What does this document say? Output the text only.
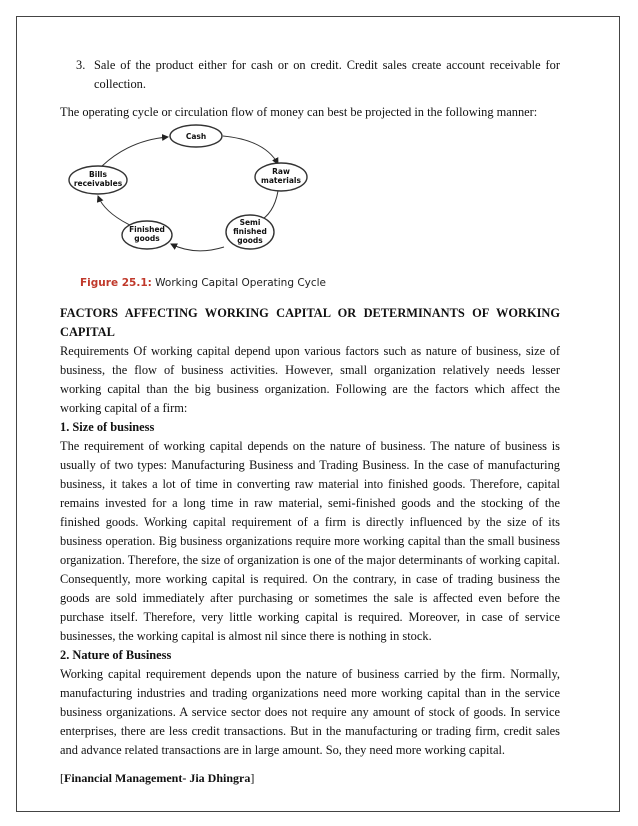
3. Sale of the product either for cash or on credit. Credit sales create account receivable for collection.

The operating cycle or circulation flow of money can best be projected in the following manner:

Cash
Raw
materials
Semi
finished
goods
Finished
goods
Bills
receivables
Figure 25.1: Working Capital Operating Cycle

FACTORS AFFECTING WORKING CAPITAL OR DETERMINANTS OF WORKING CAPITAL

Requirements Of working capital depend upon various factors such as nature of business, size of business, the flow of business activities. However, small organization relatively needs lesser working capital than the big business organization. Following are the factors which affect the working capital of a firm:

1. Size of business

The requirement of working capital depends on the nature of business. The nature of business is usually of two types: Manufacturing Business and Trading Business. In the case of manufacturing business, it takes a lot of time in converting raw material into finished goods. Therefore, capital remains invested for a long time in raw material, semi-finished goods and the stocking of the finished goods. Working capital requirement of a firm is directly influenced by the size of its business operation. Big business organizations require more working capital than the small business organization. Therefore, the size of organization is one of the major determinants of working capital. Consequently, more working capital is required. On the contrary, in case of trading business the goods are sold immediately after purchasing or sometimes the sale is affected even before the purchase itself. Therefore, very little working capital is required. Moreover, in case of service businesses, the working capital is almost nil since there is nothing in stock.

2. Nature of Business

Working capital requirement depends upon the nature of business carried by the firm. Normally, manufacturing industries and trading organizations need more working capital than in the service business organizations. A service sector does not require any amount of stock of goods. In service enterprises, there are less credit transactions. But in the manufacturing or trading firm, credit sales and advance related transactions are in large amount. So, they need more working capital.

[Financial Management- Jia Dhingra]
